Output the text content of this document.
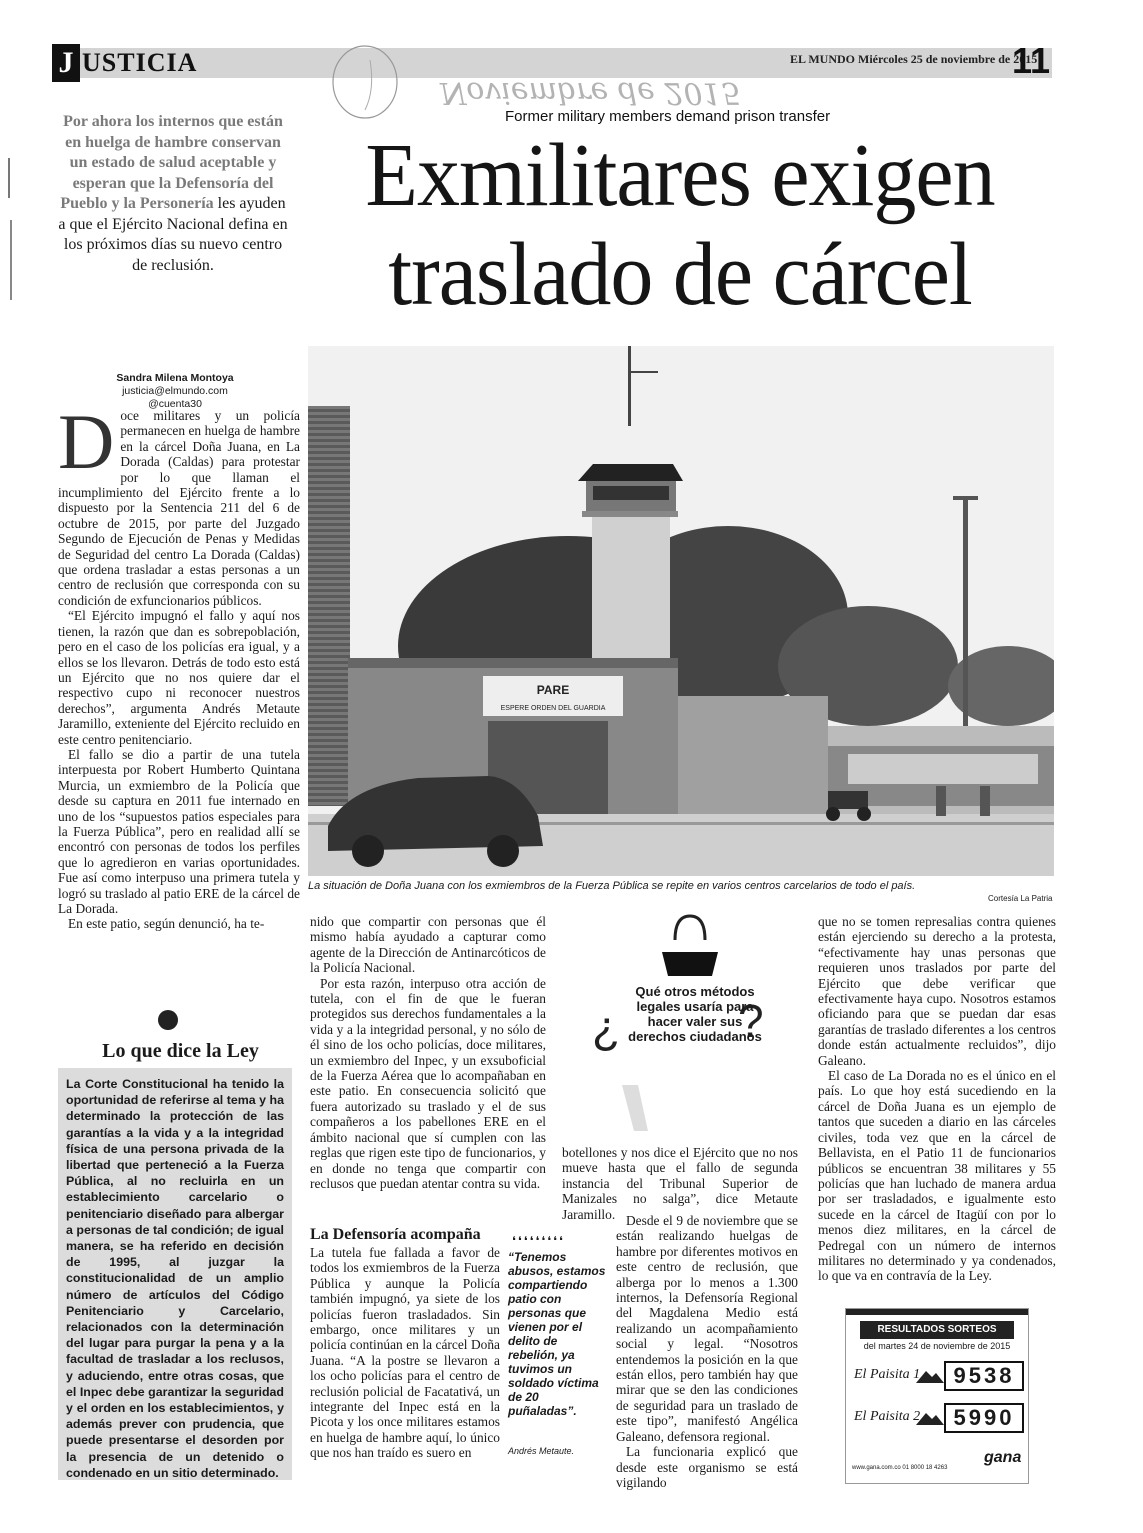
J USTICIA	EL MUNDO Miércoles 25 de noviembre de 2015
11
Noviembre de 2015
Por ahora los internos que están en huelga de hambre conservan un estado de salud aceptable y esperan que la Defensoría del Pueblo y la Personería les ayuden a que el Ejército Nacional defina en los próximos días su nuevo centro de reclusión.
Former military members demand prison transfer
Exmilitares exigen
traslado de cárcel
Sandra Milena Montoya
justicia@elmundo.com
@cuenta30
D oce militares y un policía permanecen en huelga de hambre en la cárcel Doña Juana, en La Dorada (Caldas) para protestar por lo que llaman el incumplimiento del Ejército frente a lo dispuesto por la Sentencia 211 del 6 de octubre de 2015, por parte del Juzgado Segundo de Ejecución de Penas y Medidas de Seguridad del centro La Dorada (Caldas) que ordena trasladar a estas personas a un centro de reclusión que corresponda con su condición de exfuncionarios públicos.

“El Ejército impugnó el fallo y aquí nos tienen, la razón que dan es sobrepoblación, pero en el caso de los policías era igual, y a ellos se los llevaron. Detrás de todo esto está un Ejército que no nos quiere dar el respectivo cupo ni reconocer nuestros derechos”, argumenta Andrés Metaute Jaramillo, exteniente del Ejército recluido en este centro penitenciario.

El fallo se dio a partir de una tutela interpuesta por Robert Humberto Quintana Murcia, un exmiembro de la Policía que desde su captura en 2011 fue internado en uno de los “supuestos patios especiales para la Fuerza Pública”, pero en realidad allí se encontró con personas de todos los perfiles que lo agredieron en varias oportunidades. Fue así como interpuso una primera tutela y logró su traslado al patio ERE de la cárcel de La Dorada.

En este patio, según denunció, ha te-

PARE
ESPERE ORDEN DEL GUARDIA
La situación de Doña Juana con los exmiembros de la Fuerza Pública se repite en varios centros carcelarios de todo el país.
Cortesía La Patria
Lo que dice la Ley
La Corte Constitucional ha tenido la oportunidad de referirse al tema y ha determinado la protección de las garantías a la vida y a la integridad física de una persona privada de la libertad que perteneció a la Fuerza Pública, al no recluirla en un establecimiento carcelario o penitenciario diseñado para albergar a personas de tal condición; de igual manera, se ha referido en decisión de 1995, al juzgar la constitucionalidad de un amplio número de artículos del Código Penitenciario y Carcelario, relacionados con la determinación del lugar para purgar la pena y a la facultad de trasladar a los reclusos, y aduciendo, entre otras cosas, que el Inpec debe garantizar la seguridad y el orden en los establecimientos, y además prever con prudencia, que puede presentarse el desorden por la presencia de un detenido o condenado en un sitio determinado.

nido que compartir con personas que él mismo había ayudado a capturar como agente de la Dirección de Antinarcóticos de la Policía Nacional.

Por esta razón, interpuso otra acción de tutela, con el fin de que le fueran protegidos sus derechos fundamentales a la vida y a la integridad personal, y no sólo de él sino de los ocho policías, doce militares, un exmiembro del Inpec, y un exsuboficial de la Fuerza Aérea que lo acompañaban en este patio. En consecuencia solicitó que fuera autorizado su traslado y el de sus compañeros a los pabellones ERE en el ámbito nacional que sí cumplen con las reglas que rigen este tipo de funcionarios, y en donde no tenga que compartir con reclusos que puedan atentar contra su vida.

La Defensoría acompaña

La tutela fue fallada a favor de todos los exmiembros de la Fuerza Pública y aunque la Policía también impugnó, ya siete de los policías fueron trasladados. Sin embargo, once militares y un policía continúan en la cárcel Doña Juana. “A la postre se llevaron a los ocho policías para el centro de reclusión policial de Facatativá, un integrante del Inpec está en la Picota y los once militares estamos en huelga de hambre aquí, lo único que nos han traído es suero en

❛❛❛❛❛❛❛❛❛
“Tenemos abusos, estamos compartiendo patio con personas que vienen por el delito de rebelión, ya tuvimos un soldado víctima de 20 puñaladas”.
Andrés Metaute.
¿	?
Qué otros métodos legales usaría para hacer valer sus derechos ciudadanos

botellones y nos dice el Ejército que no nos mueve hasta que el fallo de segunda instancia del Tribunal Superior de Manizales no salga”, dice Metaute Jaramillo. Desde el 9 de noviembre que se están realizando huelgas de hambre por diferentes motivos en este centro de reclusión, que alberga por lo menos a 1.300 internos, la Defensoría Regional del Magdalena Medio está realizando un acompañamiento social y legal. “Nosotros entendemos la posición en la que están ellos, pero también hay que mirar que se den las condiciones de seguridad para un traslado de este tipo”, manifestó Angélica Galeano, defensora regional.

La funcionaria explicó que desde este organismo se está vigilando

que no se tomen represalias contra quienes están ejerciendo su derecho a la protesta, “efectivamente hay unas personas que requieren unos traslados por parte del Ejército que debe verificar que efectivamente haya cupo. Nosotros estamos oficiando para que se puedan dar esas garantías de traslado diferentes a los centros donde están actualmente recluidos”, dijo Galeano.

El caso de La Dorada no es el único en el país. Lo que hoy está sucediendo en la cárcel de Doña Juana es un ejemplo de tantos que suceden a diario en las cárceles civiles, toda vez que en la cárcel de Bellavista, en el Patio 11 de funcionarios públicos se encuentran 38 militares y 55 policías que han luchado de manera ardua por ser trasladados, e igualmente esto sucede en la cárcel de Itagüí con por lo menos diez militares, en la cárcel de Pedregal con un número de internos militares no determinado y ya condenados, lo que va en contravía de la Ley.

RESULTADOS SORTEOS
del martes 24 de noviembre de 2015
El Paisita 1	9538
El Paisita 2	5990
gana
www.gana.com.co 01 8000 18 4263
